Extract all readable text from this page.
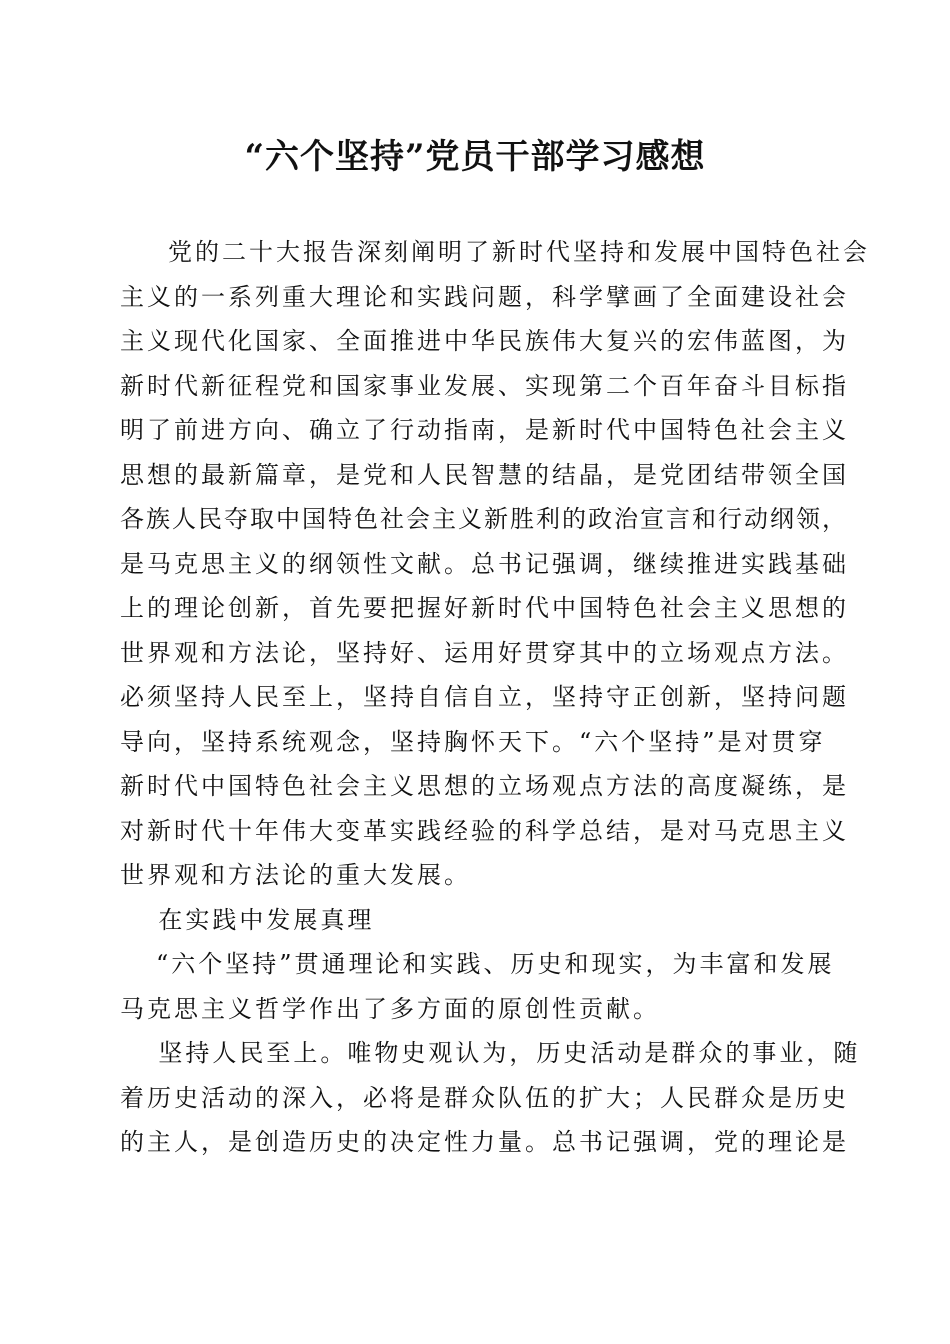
“六个坚持”党员干部学习感想

党的二十大报告深刻阐明了新时代坚持和发展中国特色社会
主义的一系列重大理论和实践问题，科学擘画了全面建设社会
主义现代化国家、全面推进中华民族伟大复兴的宏伟蓝图，为
新时代新征程党和国家事业发展、实现第二个百年奋斗目标指
明了前进方向、确立了行动指南，是新时代中国特色社会主义
思想的最新篇章，是党和人民智慧的结晶，是党团结带领全国
各族人民夺取中国特色社会主义新胜利的政治宣言和行动纲领，
是马克思主义的纲领性文献。总书记强调，继续推进实践基础
上的理论创新，首先要把握好新时代中国特色社会主义思想的
世界观和方法论，坚持好、运用好贯穿其中的立场观点方法。
必须坚持人民至上，坚持自信自立，坚持守正创新，坚持问题
导向，坚持系统观念，坚持胸怀天下。“六个坚持”是对贯穿
新时代中国特色社会主义思想的立场观点方法的高度凝练，是
对新时代十年伟大变革实践经验的科学总结，是对马克思主义
世界观和方法论的重大发展。

在实践中发展真理

“六个坚持”贯通理论和实践、历史和现实，为丰富和发展
马克思主义哲学作出了多方面的原创性贡献。

坚持人民至上。唯物史观认为，历史活动是群众的事业，随
着历史活动的深入，必将是群众队伍的扩大；人民群众是历史
的主人，是创造历史的决定性力量。总书记强调，党的理论是
